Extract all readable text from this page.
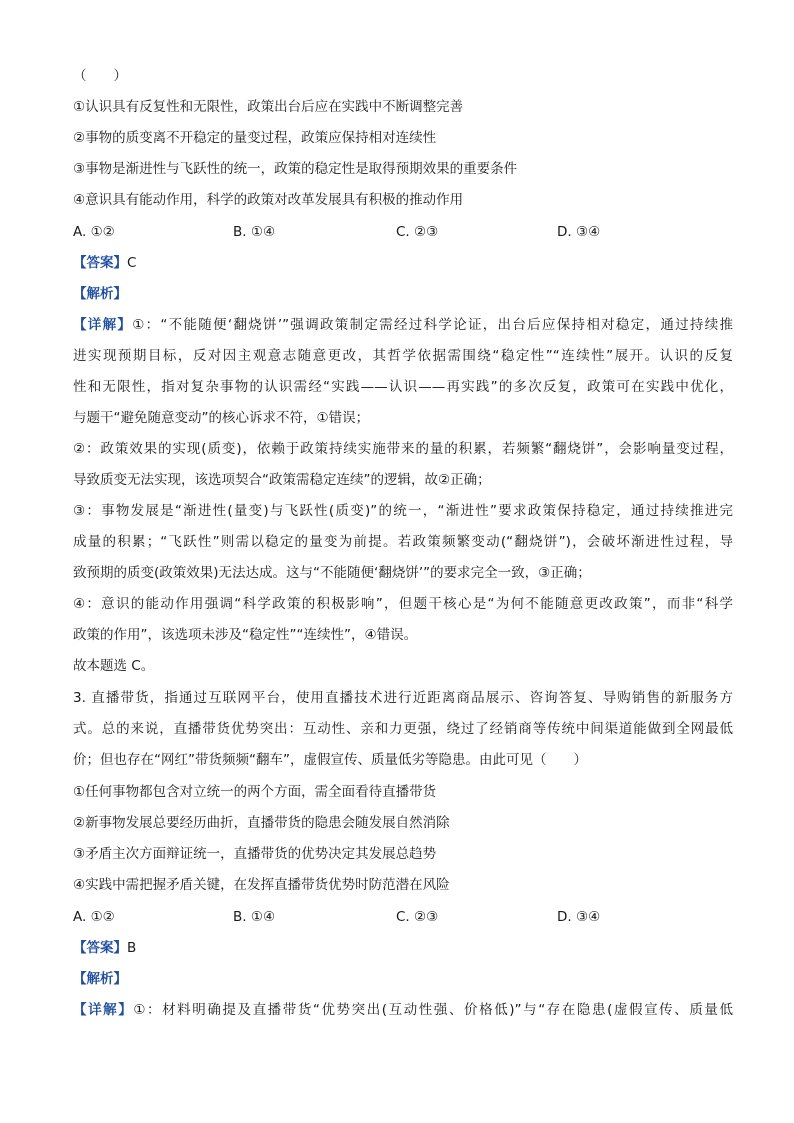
（　　）
①认识具有反复性和无限性，政策出台后应在实践中不断调整完善
②事物的质变离不开稳定的量变过程，政策应保持相对连续性
③事物是渐进性与飞跃性的统一，政策的稳定性是取得预期效果的重要条件
④意识具有能动作用，科学的政策对改革发展具有积极的推动作用
A. ①②	B. ①④	C. ②③	D. ③④
【答案】C
【解析】
【详解】①：“不能随便‘翻烧饼’”强调政策制定需经过科学论证，出台后应保持相对稳定，通过持续推
进实现预期目标，反对因主观意志随意更改，其哲学依据需围绕“稳定性”“连续性”展开。认识的反复
性和无限性，指对复杂事物的认识需经“实践——认识——再实践”的多次反复，政策可在实践中优化，
与题干“避免随意变动”的核心诉求不符，①错误；
②：政策效果的实现(质变)，依赖于政策持续实施带来的量的积累，若频繁“翻烧饼”，会影响量变过程，
导致质变无法实现，该选项契合“政策需稳定连续”的逻辑，故②正确；
③：事物发展是“渐进性(量变)与飞跃性(质变)”的统一，“渐进性”要求政策保持稳定，通过持续推进完
成量的积累；“飞跃性”则需以稳定的量变为前提。若政策频繁变动(“翻烧饼”)，会破坏渐进性过程，导
致预期的质变(政策效果)无法达成。这与“不能随便‘翻烧饼’”的要求完全一致，③正确；
④：意识的能动作用强调“科学政策的积极影响”，但题干核心是“为何不能随意更改政策”，而非“科学
政策的作用”，该选项未涉及“稳定性”“连续性”，④错误。
故本题选 C。
3. 直播带货，指通过互联网平台，使用直播技术进行近距离商品展示、咨询答复、导购销售的新服务方
式。总的来说，直播带货优势突出：互动性、亲和力更强，绕过了经销商等传统中间渠道能做到全网最低
价；但也存在“网红”带货频频“翻车”，虚假宣传、质量低劣等隐患。由此可见（　　）
①任何事物都包含对立统一的两个方面，需全面看待直播带货
②新事物发展总要经历曲折，直播带货的隐患会随发展自然消除
③矛盾主次方面辩证统一，直播带货的优势决定其发展总趋势
④实践中需把握矛盾关键，在发挥直播带货优势时防范潜在风险
A. ①②	B. ①④	C. ②③	D. ③④
【答案】B
【解析】
【详解】①：材料明确提及直播带货“优势突出(互动性强、价格低)”与“存在隐患(虚假宣传、质量低
